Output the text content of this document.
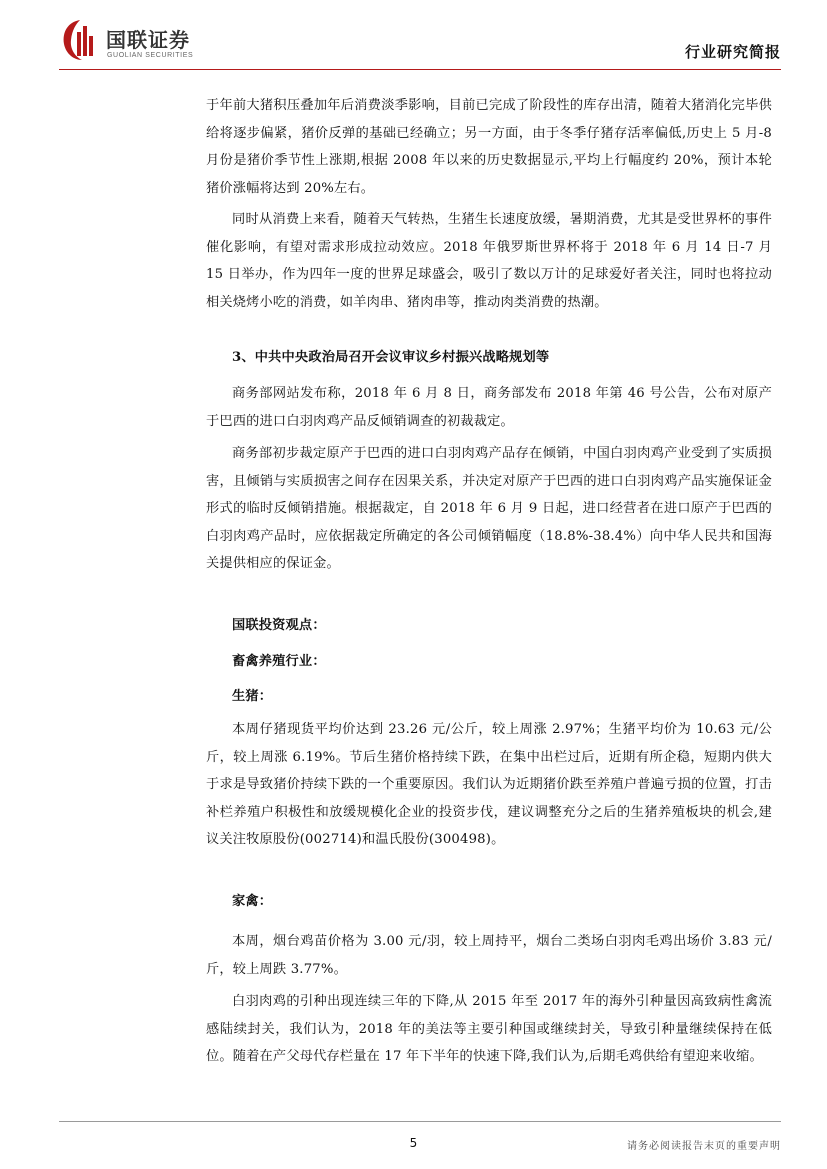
国联证券
GUOLIAN SECURITIES	行业研究简报

于年前大猪积压叠加年后消费淡季影响，目前已完成了阶段性的库存出清，随着大猪消化完毕供给将逐步偏紧，猪价反弹的基础已经确立；另一方面，由于冬季仔猪存活率偏低,历史上 5 月-8 月份是猪价季节性上涨期,根据 2008 年以来的历史数据显示,平均上行幅度约 20%，预计本轮猪价涨幅将达到 20%左右。

同时从消费上来看，随着天气转热，生猪生长速度放缓，暑期消费，尤其是受世界杯的事件催化影响，有望对需求形成拉动效应。2018 年俄罗斯世界杯将于 2018 年 6 月 14 日-7 月 15 日举办，作为四年一度的世界足球盛会，吸引了数以万计的足球爱好者关注，同时也将拉动相关烧烤小吃的消费，如羊肉串、猪肉串等，推动肉类消费的热潮。

3、中共中央政治局召开会议审议乡村振兴战略规划等

商务部网站发布称，2018 年 6 月 8 日，商务部发布 2018 年第 46 号公告，公布对原产于巴西的进口白羽肉鸡产品反倾销调查的初裁裁定。

商务部初步裁定原产于巴西的进口白羽肉鸡产品存在倾销，中国白羽肉鸡产业受到了实质损害，且倾销与实质损害之间存在因果关系，并决定对原产于巴西的进口白羽肉鸡产品实施保证金形式的临时反倾销措施。根据裁定，自 2018 年 6 月 9 日起，进口经营者在进口原产于巴西的白羽肉鸡产品时，应依据裁定所确定的各公司倾销幅度（18.8%-38.4%）向中华人民共和国海关提供相应的保证金。

国联投资观点：

畜禽养殖行业：

生猪：

本周仔猪现货平均价达到 23.26 元/公斤，较上周涨 2.97%；生猪平均价为 10.63 元/公斤，较上周涨 6.19%。节后生猪价格持续下跌，在集中出栏过后，近期有所企稳，短期内供大于求是导致猪价持续下跌的一个重要原因。我们认为近期猪价跌至养殖户普遍亏损的位置，打击补栏养殖户积极性和放缓规模化企业的投资步伐，建议调整充分之后的生猪养殖板块的机会,建议关注牧原股份(002714)和温氏股份(300498)。

家禽：

本周，烟台鸡苗价格为 3.00 元/羽，较上周持平，烟台二类场白羽肉毛鸡出场价 3.83 元/斤，较上周跌 3.77%。

白羽肉鸡的引种出现连续三年的下降,从 2015 年至 2017 年的海外引种量因高致病性禽流感陆续封关，我们认为，2018 年的美法等主要引种国或继续封关，导致引种量继续保持在低位。随着在产父母代存栏量在 17 年下半年的快速下降,我们认为,后期毛鸡供给有望迎来收缩。

5	请务必阅读报告末页的重要声明
